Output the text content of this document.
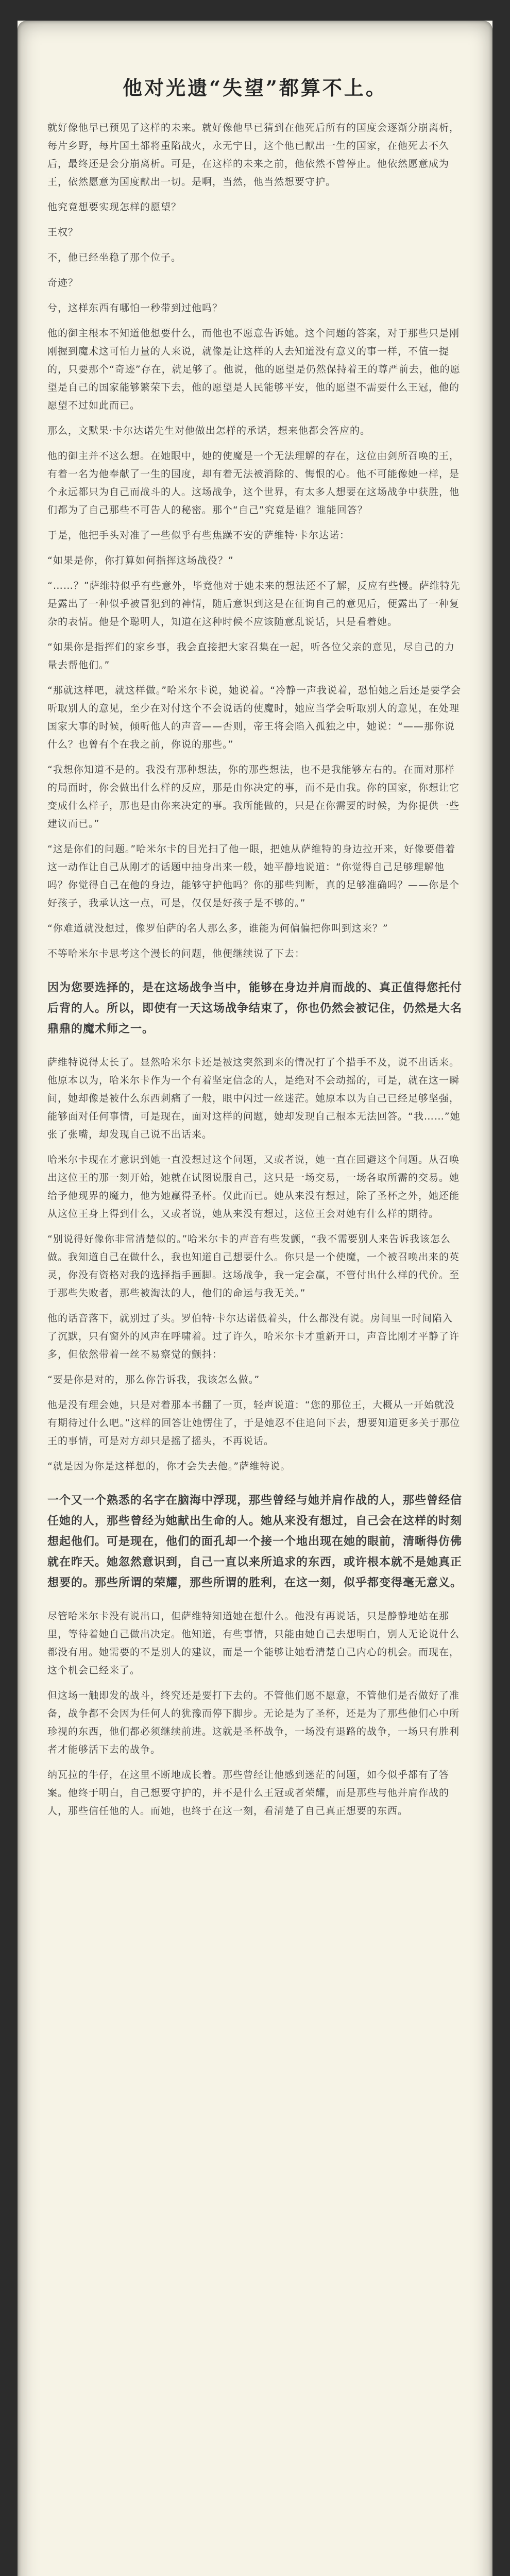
他对光遗“失望”都算不上。

就好像他早已预见了这样的未来。就好像他早已猜到在他死后所有的国度会逐渐分崩离析，每片乡野，每片国土都将重陷战火，永无宁日，这个他已献出一生的国家，在他死去不久后，最终还是会分崩离析。可是，在这样的未来之前，他依然不曾停止。他依然愿意成为王，依然愿意为国度献出一切。是啊，当然，他当然想要守护。

他究竟想要实现怎样的愿望？

王权？

不，他已经坐稳了那个位子。

奇迹？

兮，这样东西有哪怕一秒带到过他吗？

他的御主根本不知道他想要什么，而他也不愿意告诉她。这个问题的答案，对于那些只是刚刚握到魔术这可怕力量的人来说，就像是让这样的人去知道没有意义的事一样，不值一提的，只要那个“奇迹”存在，就足够了。他说，他的愿望是仍然保持着王的尊严前去，他的愿望是自己的国家能够繁荣下去，他的愿望是人民能够平安，他的愿望不需要什么王冠，他的愿望不过如此而已。

那么，文默果·卡尔达诺先生对他做出怎样的承诺，想来他都会答应的。

他的御主并不这么想。在她眼中，她的使魔是一个无法理解的存在，这位由剑所召唤的王，有着一名为他奉献了一生的国度，却有着无法被消除的、悔恨的心。他不可能像她一样，是个永远都只为自己而战斗的人。这场战争，这个世界，有太多人想要在这场战争中获胜，他们都为了自己那些不可告人的秘密。那个“自己”究竟是谁？谁能回答？

于是，他把手头对准了一些似乎有些焦躁不安的萨维特·卡尔达诺：

“如果是你，你打算如何指挥这场战役？”

“……？”萨维特似乎有些意外，毕竟他对于她未来的想法还不了解，反应有些慢。萨维特先是露出了一种似乎被冒犯到的神情，随后意识到这是在征询自己的意见后，便露出了一种复杂的表情。他是个聪明人，知道在这种时候不应该随意乱说话，只是看着她。

“如果你是指挥们的家乡事，我会直接把大家召集在一起，听各位父亲的意见，尽自己的力量去帮他们。”

“那就这样吧，就这样做。”哈米尔卡说，她说着。“冷静一声我说着，恐怕她之后还是要学会听取别人的意见，至少在对付这个不会说话的使魔时，她应当学会听取别人的意见，在处理国家大事的时候，倾听他人的声音——否则，帝王将会陷入孤独之中，她说：“——那你说什么？也曾有个在我之前，你说的那些。”

“我想你知道不是的。我没有那种想法，你的那些想法，也不是我能够左右的。在面对那样的局面时，你会做出什么样的反应，那是由你决定的事，而不是由我。你的国家，你想让它变成什么样子，那也是由你来决定的事。我所能做的，只是在你需要的时候，为你提供一些建议而已。”

“这是你们的问题。”哈米尔卡的目光扫了他一眼，把她从萨维特的身边拉开来，好像要借着这一动作让自己从刚才的话题中抽身出来一般，她平静地说道：“你觉得自己足够理解他吗？你觉得自己在他的身边，能够守护他吗？你的那些判断，真的足够准确吗？——你是个好孩子，我承认这一点，可是，仅仅是好孩子是不够的。”

“你难道就没想过，像罗伯萨的名人那么多，谁能为何偏偏把你叫到这来？”

不等哈米尔卡思考这个漫长的问题，他便继续说了下去：

因为您要选择的，是在这场战争当中，能够在身边并肩而战的、真正值得您托付后背的人。所以，即使有一天这场战争结束了，你也仍然会被记住，仍然是大名鼎鼎的魔术师之一。

萨维特说得太长了。显然哈米尔卡还是被这突然到来的情况打了个措手不及，说不出话来。他原本以为，哈米尔卡作为一个有着坚定信念的人，是绝对不会动摇的，可是，就在这一瞬间，她却像是被什么东西刺痛了一般，眼中闪过一丝迷茫。她原本以为自己已经足够坚强，能够面对任何事情，可是现在，面对这样的问题，她却发现自己根本无法回答。“我……”她张了张嘴，却发现自己说不出话来。

哈米尔卡现在才意识到她一直没想过这个问题，又或者说，她一直在回避这个问题。从召唤出这位王的那一刻开始，她就在试图说服自己，这只是一场交易，一场各取所需的交易。她给予他现界的魔力，他为她赢得圣杯。仅此而已。她从来没有想过，除了圣杯之外，她还能从这位王身上得到什么，又或者说，她从来没有想过，这位王会对她有什么样的期待。

“别说得好像你非常清楚似的。”哈米尔卡的声音有些发颤，“我不需要别人来告诉我该怎么做。我知道自己在做什么，我也知道自己想要什么。你只是一个使魔，一个被召唤出来的英灵，你没有资格对我的选择指手画脚。这场战争，我一定会赢，不管付出什么样的代价。至于那些失败者，那些被淘汰的人，他们的命运与我无关。”

他的话音落下，就别过了头。罗伯特·卡尔达诺低着头，什么都没有说。房间里一时间陷入了沉默，只有窗外的风声在呼啸着。过了许久，哈米尔卡才重新开口，声音比刚才平静了许多，但依然带着一丝不易察觉的颤抖：

“要是你是对的，那么你告诉我，我该怎么做。”

他是没有理会她，只是对着那本书翻了一页，轻声说道：“您的那位王，大概从一开始就没有期待过什么吧。”这样的回答让她愣住了，于是她忍不住追问下去，想要知道更多关于那位王的事情，可是对方却只是摇了摇头，不再说话。

“就是因为你是这样想的，你才会失去他。”萨维特说。

一个又一个熟悉的名字在脑海中浮现，那些曾经与她并肩作战的人，那些曾经信任她的人，那些曾经为她献出生命的人。她从来没有想过，自己会在这样的时刻想起他们。可是现在，他们的面孔却一个接一个地出现在她的眼前，清晰得仿佛就在昨天。她忽然意识到，自己一直以来所追求的东西，或许根本就不是她真正想要的。那些所谓的荣耀，那些所谓的胜利，在这一刻，似乎都变得毫无意义。

尽管哈米尔卡没有说出口，但萨维特知道她在想什么。他没有再说话，只是静静地站在那里，等待着她自己做出决定。他知道，有些事情，只能由她自己去想明白，别人无论说什么都没有用。她需要的不是别人的建议，而是一个能够让她看清楚自己内心的机会。而现在，这个机会已经来了。

但这场一触即发的战斗，终究还是要打下去的。不管他们愿不愿意，不管他们是否做好了准备，战争都不会因为任何人的犹豫而停下脚步。无论是为了圣杯，还是为了那些他们心中所珍视的东西，他们都必须继续前进。这就是圣杯战争，一场没有退路的战争，一场只有胜利者才能够活下去的战争。

纳瓦拉的牛仔，在这里不断地成长着。那些曾经让他感到迷茫的问题，如今似乎都有了答案。他终于明白，自己想要守护的，并不是什么王冠或者荣耀，而是那些与他并肩作战的人，那些信任他的人。而她，也终于在这一刻，看清楚了自己真正想要的东西。
